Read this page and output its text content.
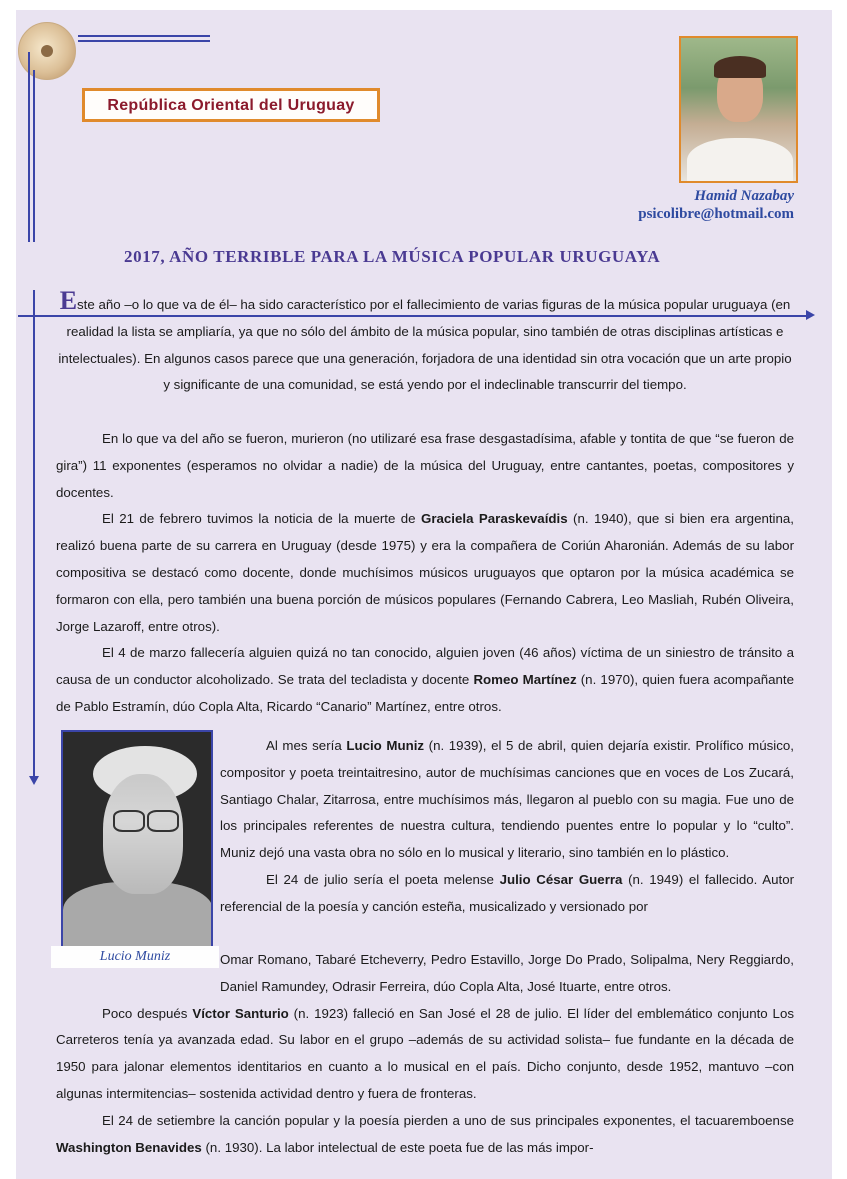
República Oriental del Uruguay
Hamid Nazabay
psicolibre@hotmail.com
2017, AÑO TERRIBLE PARA LA MÚSICA POPULAR URUGUAYA
Este año –o lo que va de él– ha sido característico por el fallecimiento de varias figuras de la música popular uruguaya (en realidad la lista se ampliaría, ya que no sólo del ámbito de la música popular, sino también de otras disciplinas artísticas e intelectuales). En algunos casos parece que una generación, forjadora de una identidad sin otra vocación que un arte propio y significante de una comunidad, se está yendo por el indeclinable transcurrir del tiempo.

En lo que va del año se fueron, murieron (no utilizaré esa frase desgastadísima, afable y tontita de que “se fueron de gira”) 11 exponentes (esperamos no olvidar a nadie) de la música del Uruguay, entre cantantes, poetas, compositores y docentes.

El 21 de febrero tuvimos la noticia de la muerte de Graciela Paraskevaídis (n. 1940), que si bien era argentina, realizó buena parte de su carrera en Uruguay (desde 1975) y era la compañera de Coriún Aharonián. Además de su labor compositiva se destacó como docente, donde muchísimos músicos uruguayos que optaron por la música académica se formaron con ella, pero también una buena porción de músicos populares (Fernando Cabrera, Leo Masliah, Rubén Oliveira, Jorge Lazaroff, entre otros).

El 4 de marzo fallecería alguien quizá no tan conocido, alguien joven (46 años) víctima de un siniestro de tránsito a causa de un conductor alcoholizado. Se trata del tecladista y docente Romeo Martínez (n. 1970), quien fuera acompañante de Pablo Estramín, dúo Copla Alta, Ricardo “Canario” Martínez, entre otros.

Lucio Muniz

Al mes sería Lucio Muniz (n. 1939), el 5 de abril, quien dejaría existir. Prolífico músico, compositor y poeta treintaitresino, autor de muchísimas canciones que en voces de Los Zucará, Santiago Chalar, Zitarrosa, entre muchísimos más, llegaron al pueblo con su magia. Fue uno de los principales referentes de nuestra cultura, tendiendo puentes entre lo popular y lo “culto”. Muniz dejó una vasta obra no sólo en lo musical y literario, sino también en lo plástico.

El 24 de julio sería el poeta melense Julio César Guerra (n. 1949) el fallecido. Autor referencial de la poesía y canción esteña, musicalizado y versionado por

Omar Romano, Tabaré Etcheverry, Pedro Estavillo, Jorge Do Prado, Solipalma, Nery Reggiardo, Daniel Ramundey, Odrasir Ferreira, dúo Copla Alta, José Ituarte, entre otros.

Poco después Víctor Santurio (n. 1923) falleció en San José el 28 de julio. El líder del emblemático conjunto Los Carreteros tenía ya avanzada edad. Su labor en el grupo –además de su actividad solista– fue fundante en la década de 1950 para jalonar elementos identitarios en cuanto a lo musical en el país. Dicho conjunto, desde 1952, mantuvo –con algunas intermitencias– sostenida actividad dentro y fuera de fronteras.

El 24 de setiembre la canción popular y la poesía pierden a uno de sus principales exponentes, el tacuaremboense Washington Benavides (n. 1930). La labor intelectual de este poeta fue de las más impor-
